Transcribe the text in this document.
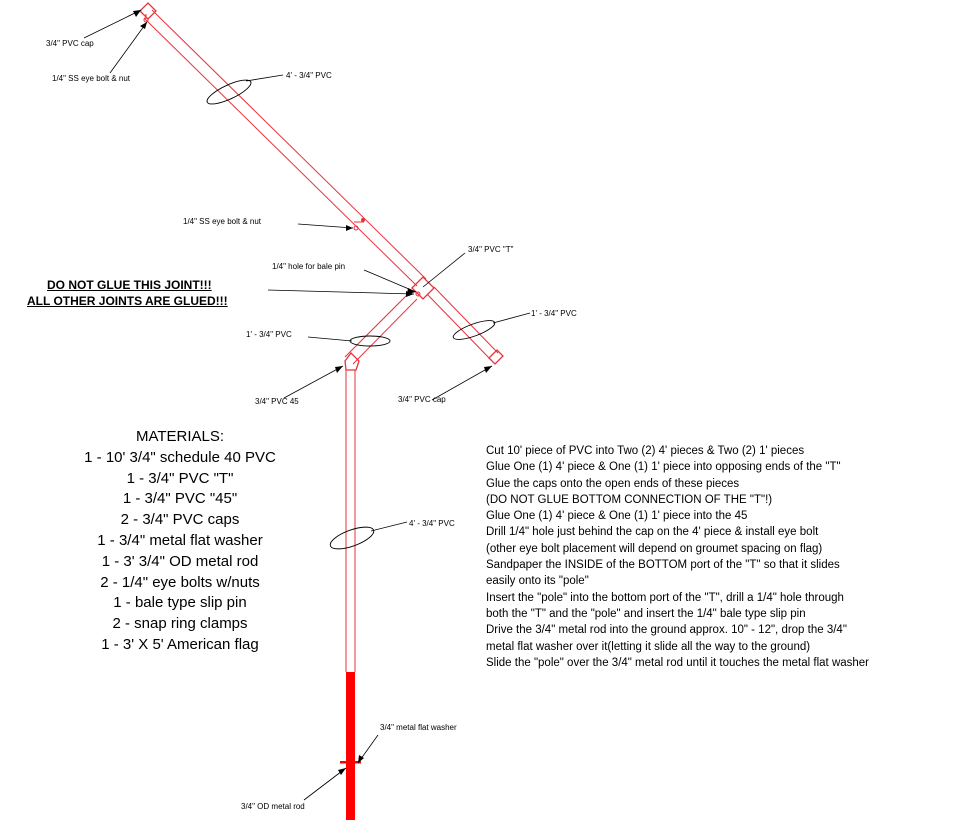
3/4" PVC cap
1/4" SS eye bolt & nut	4' - 3/4" PVC
1/4" SS eye bolt & nut
3/4" PVC "T"
1/4" hole for bale pin
1' - 3/4" PVC
1' - 3/4" PVC
3/4" PVC 45	3/4" PVC cap
4' - 3/4" PVC
3/4" metal flat washer
3/4" OD metal rod
DO NOT GLUE THIS JOINT!!!
ALL OTHER JOINTS ARE GLUED!!!
MATERIALS:
1 - 10' 3/4" schedule 40 PVC
1 - 3/4" PVC "T"
1 - 3/4" PVC "45"
2 - 3/4" PVC caps
1 - 3/4" metal flat washer
1 - 3' 3/4" OD metal rod
2 - 1/4" eye bolts w/nuts
1 - bale type slip pin
2 - snap ring clamps
1 - 3' X 5' American flag
Cut 10' piece of PVC into Two (2) 4' pieces & Two (2) 1' pieces
Glue One (1) 4' piece & One (1) 1' piece into opposing ends of the "T"
Glue the caps onto the open ends of these pieces
(DO NOT GLUE BOTTOM CONNECTION OF THE "T"!)
Glue One (1) 4' piece & One (1) 1' piece into the 45
Drill 1/4" hole just behind the cap on the 4' piece & install eye bolt
(other eye bolt placement will depend on groumet spacing on flag)
Sandpaper the INSIDE of the BOTTOM port of the "T" so that it slides
easily onto its "pole"
Insert the "pole" into the bottom port of the "T", drill a 1/4" hole through
both the "T" and the "pole" and insert the 1/4" bale type slip pin
Drive the 3/4" metal rod into the ground approx. 10" - 12", drop the 3/4"
metal flat washer over it(letting it slide all the way to the ground)
Slide the "pole" over the 3/4" metal rod until it touches the metal flat washer
